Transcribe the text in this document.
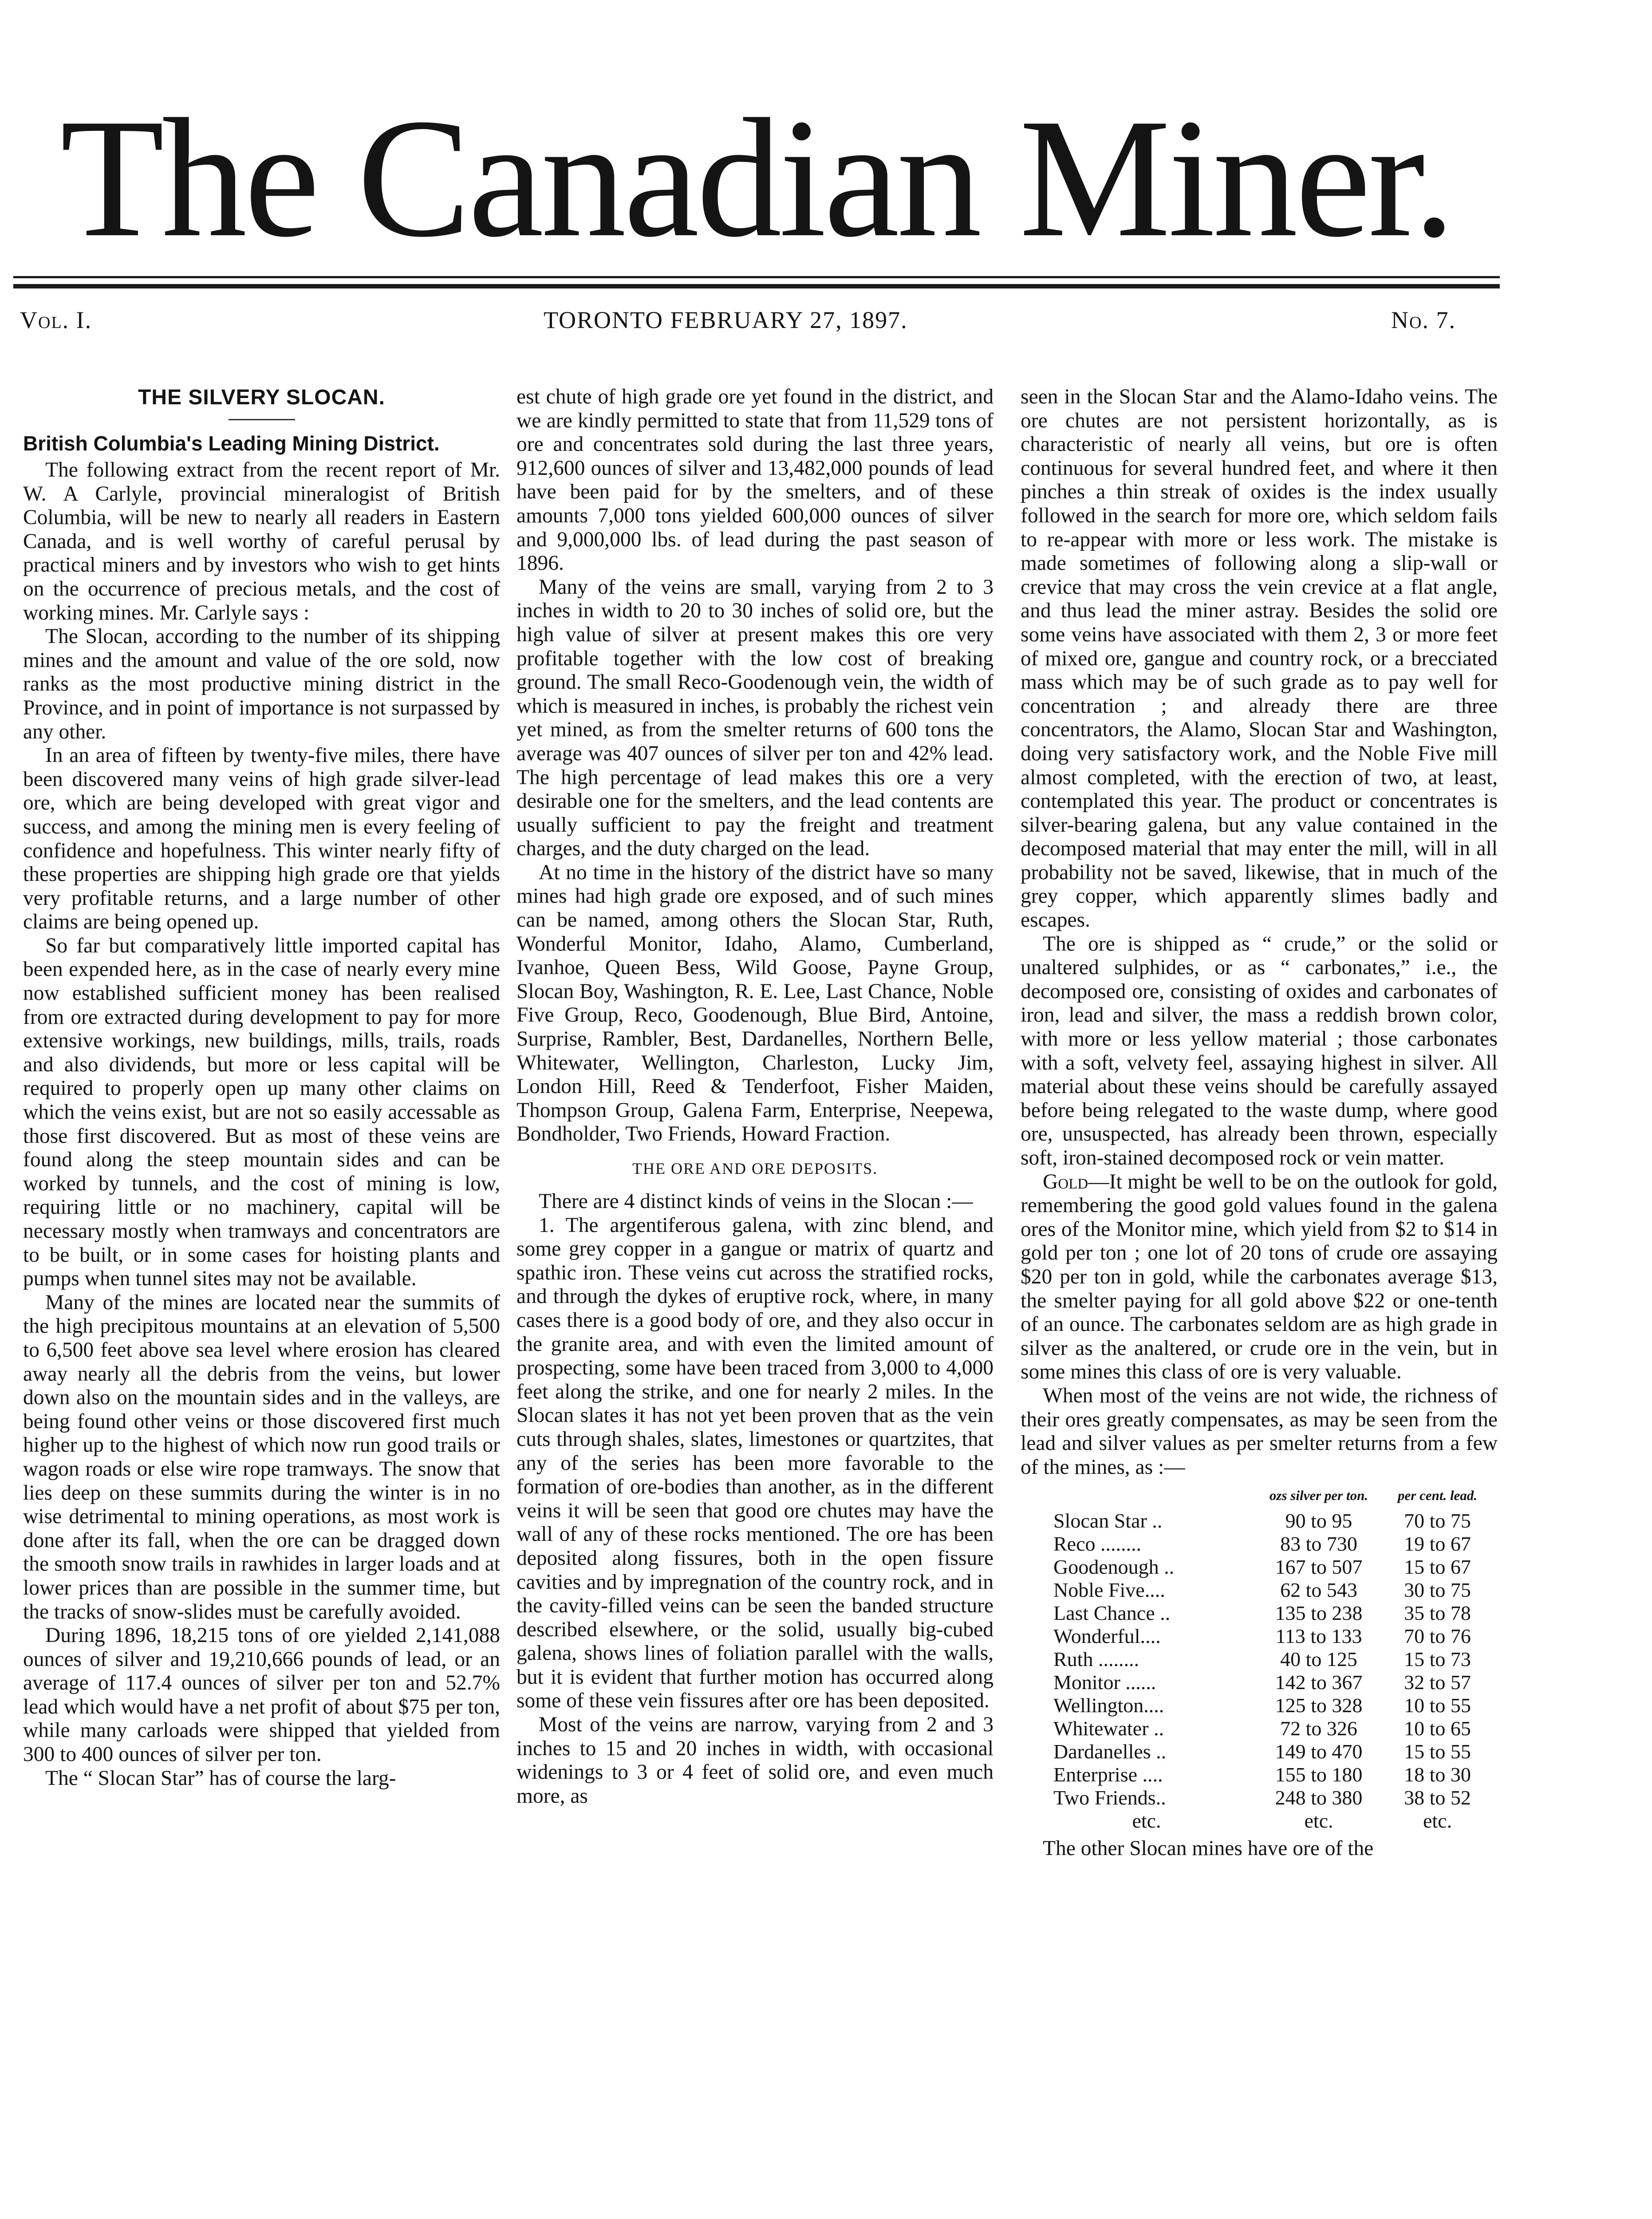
The Canadian Miner.
Vol. I.	TORONTO FEBRUARY 27, 1897.	No. 7.
THE SILVERY SLOCAN.
British Columbia's Leading Mining District.

The following extract from the recent report of Mr. W. A Carlyle, provincial mineralogist of British Columbia, will be new to nearly all readers in Eastern Canada, and is well worthy of careful perusal by practical miners and by investors who wish to get hints on the occurrence of precious metals, and the cost of working mines. Mr. Carlyle says :

The Slocan, according to the number of its shipping mines and the amount and value of the ore sold, now ranks as the most productive mining district in the Province, and in point of importance is not surpassed by any other.

In an area of fifteen by twenty-five miles, there have been discovered many veins of high grade silver-lead ore, which are being developed with great vigor and success, and among the mining men is every feeling of confidence and hopefulness. This winter nearly fifty of these properties are shipping high grade ore that yields very profitable returns, and a large number of other claims are being opened up.

So far but comparatively little imported capital has been expended here, as in the case of nearly every mine now established sufficient money has been realised from ore extracted during development to pay for more extensive workings, new buildings, mills, trails, roads and also dividends, but more or less capital will be required to properly open up many other claims on which the veins exist, but are not so easily accessable as those first discovered. But as most of these veins are found along the steep mountain sides and can be worked by tunnels, and the cost of mining is low, requiring little or no machinery, capital will be necessary mostly when tramways and concentrators are to be built, or in some cases for hoisting plants and pumps when tunnel sites may not be available.

Many of the mines are located near the summits of the high precipitous mountains at an elevation of 5,500 to 6,500 feet above sea level where erosion has cleared away nearly all the debris from the veins, but lower down also on the mountain sides and in the valleys, are being found other veins or those discovered first much higher up to the highest of which now run good trails or wagon roads or else wire rope tramways. The snow that lies deep on these summits during the winter is in no wise detrimental to mining operations, as most work is done after its fall, when the ore can be dragged down the smooth snow trails in rawhides in larger loads and at lower prices than are possible in the summer time, but the tracks of snow-slides must be carefully avoided.

During 1896, 18,215 tons of ore yielded 2,141,088 ounces of silver and 19,210,666 pounds of lead, or an average of 117.4 ounces of silver per ton and 52.7% lead which would have a net profit of about $75 per ton, while many carloads were shipped that yielded from 300 to 400 ounces of silver per ton.

The “ Slocan Star” has of course the larg-

est chute of high grade ore yet found in the district, and we are kindly permitted to state that from 11,529 tons of ore and concentrates sold during the last three years, 912,600 ounces of silver and 13,482,000 pounds of lead have been paid for by the smelters, and of these amounts 7,000 tons yielded 600,000 ounces of silver and 9,000,000 lbs. of lead during the past season of 1896.

Many of the veins are small, varying from 2 to 3 inches in width to 20 to 30 inches of solid ore, but the high value of silver at present makes this ore very profitable together with the low cost of breaking ground. The small Reco-Goodenough vein, the width of which is measured in inches, is probably the richest vein yet mined, as from the smelter returns of 600 tons the average was 407 ounces of silver per ton and 42% lead. The high percentage of lead makes this ore a very desirable one for the smelters, and the lead contents are usually sufficient to pay the freight and treatment charges, and the duty charged on the lead.

At no time in the history of the district have so many mines had high grade ore exposed, and of such mines can be named, among others the Slocan Star, Ruth, Wonderful Monitor, Idaho, Alamo, Cumberland, Ivanhoe, Queen Bess, Wild Goose, Payne Group, Slocan Boy, Washington, R. E. Lee, Last Chance, Noble Five Group, Reco, Goodenough, Blue Bird, Antoine, Surprise, Rambler, Best, Dardanelles, Northern Belle, Whitewater, Wellington, Charleston, Lucky Jim, London Hill, Reed & Tenderfoot, Fisher Maiden, Thompson Group, Galena Farm, Enterprise, Neepewa, Bondholder, Two Friends, Howard Fraction.

THE ORE AND ORE DEPOSITS.

There are 4 distinct kinds of veins in the Slocan :—

1. The argentiferous galena, with zinc blend, and some grey copper in a gangue or matrix of quartz and spathic iron. These veins cut across the stratified rocks, and through the dykes of eruptive rock, where, in many cases there is a good body of ore, and they also occur in the granite area, and with even the limited amount of prospecting, some have been traced from 3,000 to 4,000 feet along the strike, and one for nearly 2 miles. In the Slocan slates it has not yet been proven that as the vein cuts through shales, slates, limestones or quartzites, that any of the series has been more favorable to the formation of ore-bodies than another, as in the different veins it will be seen that good ore chutes may have the wall of any of these rocks mentioned. The ore has been deposited along fissures, both in the open fissure cavities and by impregnation of the country rock, and in the cavity-filled veins can be seen the banded structure described elsewhere, or the solid, usually big-cubed galena, shows lines of foliation parallel with the walls, but it is evident that further motion has occurred along some of these vein fissures after ore has been deposited.

Most of the veins are narrow, varying from 2 and 3 inches to 15 and 20 inches in width, with occasional widenings to 3 or 4 feet of solid ore, and even much more, as

seen in the Slocan Star and the Alamo-Idaho veins. The ore chutes are not persistent horizontally, as is characteristic of nearly all veins, but ore is often continuous for several hundred feet, and where it then pinches a thin streak of oxides is the index usually followed in the search for more ore, which seldom fails to re-appear with more or less work. The mistake is made sometimes of following along a slip-wall or crevice that may cross the vein crevice at a flat angle, and thus lead the miner astray. Besides the solid ore some veins have associated with them 2, 3 or more feet of mixed ore, gangue and country rock, or a brecciated mass which may be of such grade as to pay well for concentration ; and already there are three concentrators, the Alamo, Slocan Star and Washington, doing very satisfactory work, and the Noble Five mill almost completed, with the erection of two, at least, contemplated this year. The product or concentrates is silver-bearing galena, but any value contained in the decomposed material that may enter the mill, will in all probability not be saved, likewise, that in much of the grey copper, which apparently slimes badly and escapes.

The ore is shipped as “ crude,” or the solid or unaltered sulphides, or as “ carbonates,” i.e., the decomposed ore, consisting of oxides and carbonates of iron, lead and silver, the mass a reddish brown color, with more or less yellow material ; those carbonates with a soft, velvety feel, assaying highest in silver. All material about these veins should be carefully assayed before being relegated to the waste dump, where good ore, unsuspected, has already been thrown, especially soft, iron-stained decomposed rock or vein matter.

Gold—It might be well to be on the outlook for gold, remembering the good gold values found in the galena ores of the Monitor mine, which yield from $2 to $14 in gold per ton ; one lot of 20 tons of crude ore assaying $20 per ton in gold, while the carbonates average $13, the smelter paying for all gold above $22 or one-tenth of an ounce. The carbonates seldom are as high grade in silver as the analtered, or crude ore in the vein, but in some mines this class of ore is very valuable.

When most of the veins are not wide, the richness of their ores greatly compensates, as may be seen from the lead and silver values as per smelter returns from a few of the mines, as :—

	ozs silver per ton.	per cent. lead.
Slocan Star ..	90 to 95	70 to 75
Reco ........	83 to 730	19 to 67
Goodenough ..	167 to 507	15 to 67
Noble Five....	62 to 543	30 to 75
Last Chance ..	135 to 238	35 to 78
Wonderful....	113 to 133	70 to 76
Ruth ........	40 to 125	15 to 73
Monitor ......	142 to 367	32 to 57
Wellington....	125 to 328	10 to 55
Whitewater ..	72 to 326	10 to 65
Dardanelles ..	149 to 470	15 to 55
Enterprise ....	155 to 180	18 to 30
Two Friends..	248 to 380	38 to 52
etc.	etc.	etc.

The other Slocan mines have ore of the
